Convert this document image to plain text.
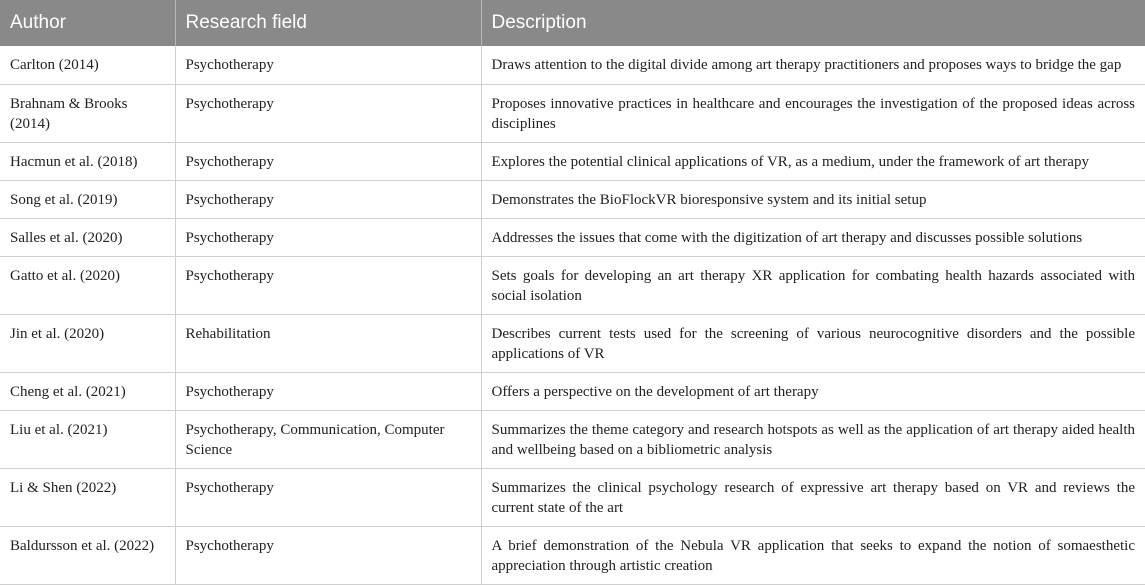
Author	Research field	Description
Carlton (2014)	Psychotherapy	Draws attention to the digital divide among art therapy practitioners and proposes ways to bridge the gap
Brahnam & Brooks (2014)	Psychotherapy	Proposes innovative practices in healthcare and encourages the investigation of the proposed ideas across disciplines
Hacmun et al. (2018)	Psychotherapy	Explores the potential clinical applications of VR, as a medium, under the framework of art therapy
Song et al. (2019)	Psychotherapy	Demonstrates the BioFlockVR bioresponsive system and its initial setup
Salles et al. (2020)	Psychotherapy	Addresses the issues that come with the digitization of art therapy and discusses possible solutions
Gatto et al. (2020)	Psychotherapy	Sets goals for developing an art therapy XR application for combating health hazards associated with social isolation
Jin et al. (2020)	Rehabilitation	Describes current tests used for the screening of various neurocognitive disorders and the possible applications of VR
Cheng et al. (2021)	Psychotherapy	Offers a perspective on the development of art therapy
Liu et al. (2021)	Psychotherapy, Communication, Computer Science	Summarizes the theme category and research hotspots as well as the application of art therapy aided health and wellbeing based on a bibliometric analysis
Li & Shen (2022)	Psychotherapy	Summarizes the clinical psychology research of expressive art therapy based on VR and reviews the current state of the art
Baldursson et al. (2022)	Psychotherapy	A brief demonstration of the Nebula VR application that seeks to expand the notion of somaesthetic appreciation through artistic creation
